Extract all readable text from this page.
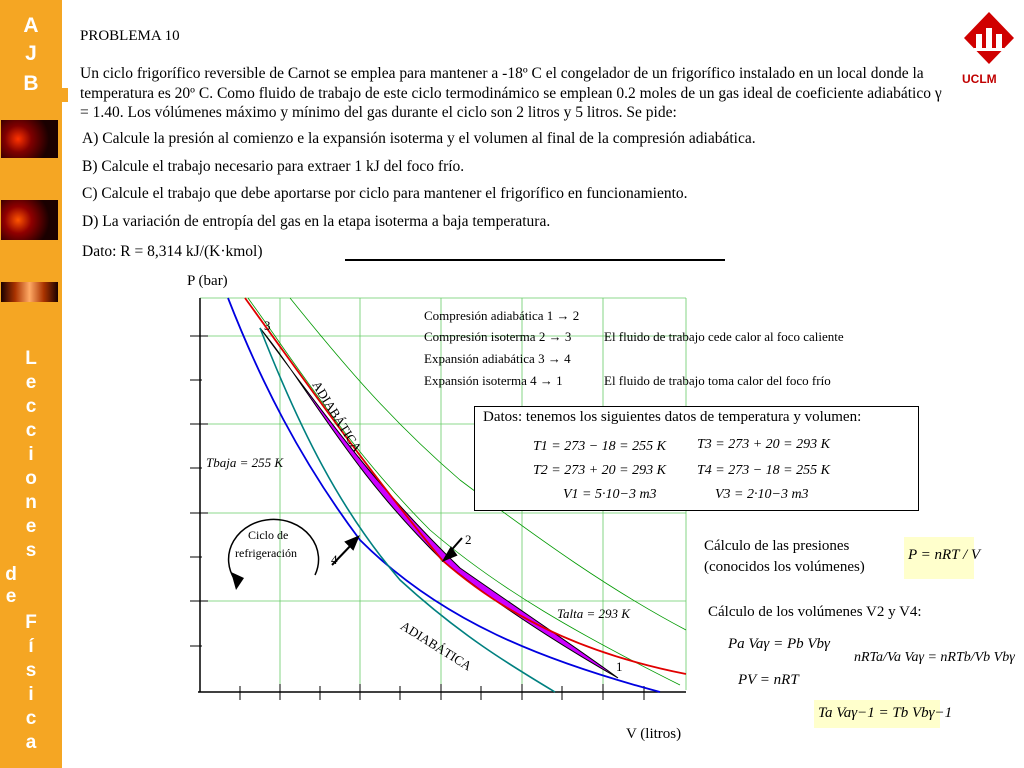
A
J
B
L
e
c
c
i
o
n
e
s
d
e
F
í
s
i
c
a
UCLM
PROBLEMA 10
Un ciclo frigorífico reversible de Carnot se emplea para mantener a -18º C el congelador de un frigorífico instalado en un local donde la temperatura es 20º C. Como fluido de trabajo de este ciclo termodinámico se emplean 0.2 moles de un gas ideal de coeficiente adiabático γ = 1.40. Los vólúmenes máximo y mínimo del gas durante el ciclo son 2 litros y 5 litros. Se pide:
A) Calcule la presión al comienzo e la expansión isoterma y el volumen al final de la compresión adiabática.
B) Calcule el trabajo necesario para extraer 1 kJ del foco frío.
C) Calcule el trabajo que debe aportarse por ciclo para mantener el frigorífico en funcionamiento.
D) La variación de entropía del gas en la etapa isoterma a baja temperatura.
Dato: R = 8,314 kJ/(K·kmol)
P (bar)
V (litros)
3
2
4
1
ADIABÁTICA
ADIABÁTICA
Tbaja = 255 K
Talta = 293 K
Ciclo de
refrigeración
Compresión adiabática 1 → 2
Compresión isoterma 2 → 3	El fluido de trabajo cede calor al foco caliente
Expansión adiabática 3 → 4
Expansión isoterma 4 → 1	El fluido de trabajo toma calor del foco frío
Datos: tenemos los siguientes datos de temperatura y volumen:
T1 = 273 − 18 = 255 K T3 = 273 + 20 = 293 K
T2 = 273 + 20 = 293 K T4 = 273 − 18 = 255 K
V1 = 5·10−3 m3	V3 = 2·10−3 m3
Cálculo de las presiones
(conocidos los volúmenes)
P = nRT / V
Cálculo de los volúmenes V2 y V4:
Pa Vaγ = Pb Vbγ
nRTa/Va Vaγ = nRTb/Vb Vbγ
PV = nRT
Ta Vaγ−1 = Tb Vbγ−1
